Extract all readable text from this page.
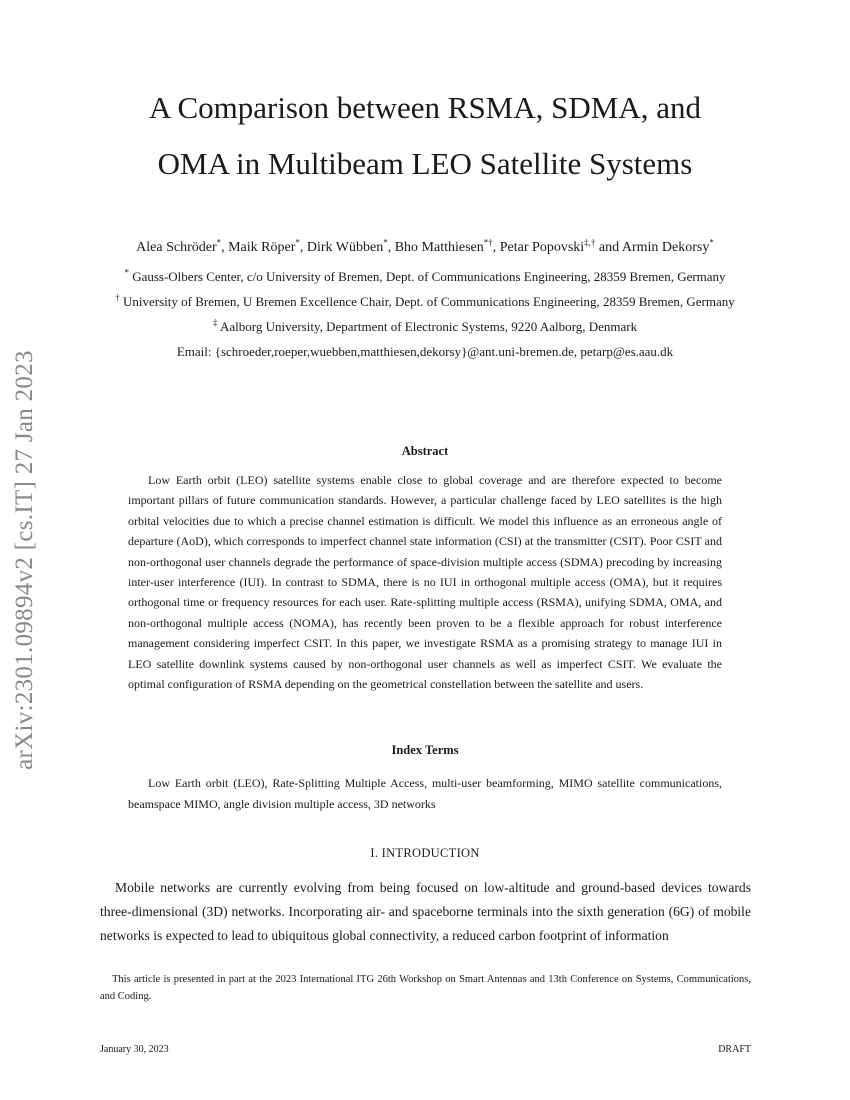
arXiv:2301.09894v2 [cs.IT] 27 Jan 2023
A Comparison between RSMA, SDMA, and
OMA in Multibeam LEO Satellite Systems
Alea Schröder*, Maik Röper*, Dirk Wübben*, Bho Matthiesen*†, Petar Popovski‡,† and Armin Dekorsy*
* Gauss-Olbers Center, c/o University of Bremen, Dept. of Communications Engineering, 28359 Bremen, Germany
† University of Bremen, U Bremen Excellence Chair, Dept. of Communications Engineering, 28359 Bremen, Germany
‡ Aalborg University, Department of Electronic Systems, 9220 Aalborg, Denmark
Email: {schroeder,roeper,wuebben,matthiesen,dekorsy}@ant.uni-bremen.de, petarp@es.aau.dk
Abstract

Low Earth orbit (LEO) satellite systems enable close to global coverage and are therefore expected to become important pillars of future communication standards. However, a particular challenge faced by LEO satellites is the high orbital velocities due to which a precise channel estimation is difficult. We model this influence as an erroneous angle of departure (AoD), which corresponds to imperfect channel state information (CSI) at the transmitter (CSIT). Poor CSIT and non-orthogonal user channels degrade the performance of space-division multiple access (SDMA) precoding by increasing inter-user interference (IUI). In contrast to SDMA, there is no IUI in orthogonal multiple access (OMA), but it requires orthogonal time or frequency resources for each user. Rate-splitting multiple access (RSMA), unifying SDMA, OMA, and non-orthogonal multiple access (NOMA), has recently been proven to be a flexible approach for robust interference management considering imperfect CSIT. In this paper, we investigate RSMA as a promising strategy to manage IUI in LEO satellite downlink systems caused by non-orthogonal user channels as well as imperfect CSIT. We evaluate the optimal configuration of RSMA depending on the geometrical constellation between the satellite and users.

Index Terms

Low Earth orbit (LEO), Rate-Splitting Multiple Access, multi-user beamforming, MIMO satellite communications, beamspace MIMO, angle division multiple access, 3D networks

I. INTRODUCTION

Mobile networks are currently evolving from being focused on low-altitude and ground-based devices towards three-dimensional (3D) networks. Incorporating air- and spaceborne terminals into the sixth generation (6G) of mobile networks is expected to lead to ubiquitous global connectivity, a reduced carbon footprint of information

This article is presented in part at the 2023 International ITG 26th Workshop on Smart Antennas and 13th Conference on Systems, Communications, and Coding.

January 30, 2023	DRAFT
